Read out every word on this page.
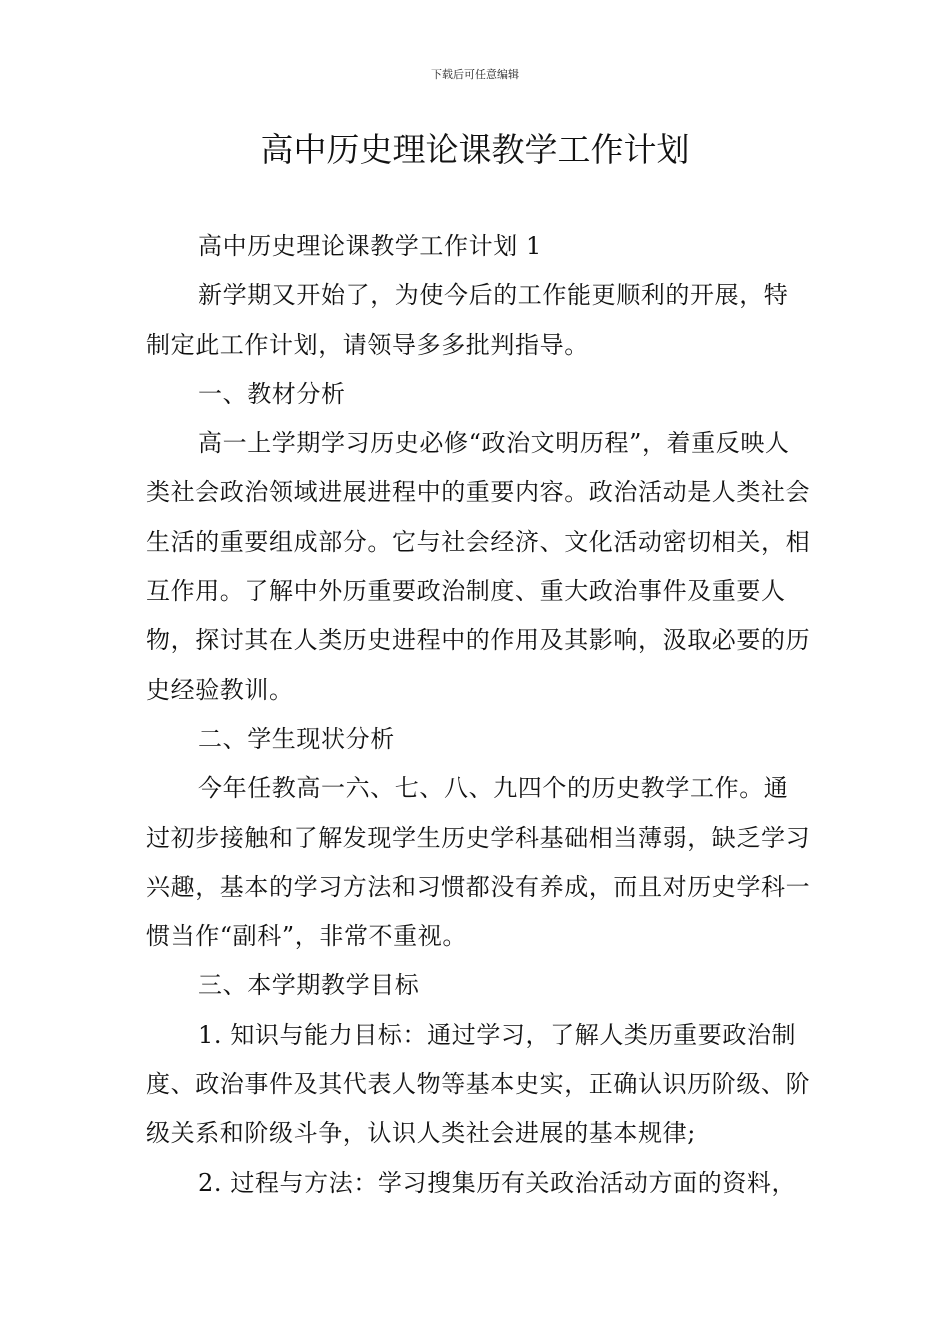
下载后可任意编辑
高中历史理论课教学工作计划

高中历史理论课教学工作计划 1

新学期又开始了，为使今后的工作能更顺利的开展，特制定此工作计划，请领导多多批判指导。

一、教材分析

高一上学期学习历史必修“政治文明历程”，着重反映人类社会政治领域进展进程中的重要内容。政治活动是人类社会生活的重要组成部分。它与社会经济、文化活动密切相关，相互作用。了解中外历重要政治制度、重大政治事件及重要人物，探讨其在人类历史进程中的作用及其影响，汲取必要的历史经验教训。

二、学生现状分析

今年任教高一六、七、八、九四个的历史教学工作。通过初步接触和了解发现学生历史学科基础相当薄弱，缺乏学习兴趣，基本的学习方法和习惯都没有养成，而且对历史学科一惯当作“副科”，非常不重视。

三、本学期教学目标

1. 知识与能力目标：通过学习，了解人类历重要政治制度、政治事件及其代表人物等基本史实，正确认识历阶级、阶级关系和阶级斗争，认识人类社会进展的基本规律;

2. 过程与方法：学习搜集历有关政治活动方面的资料，
